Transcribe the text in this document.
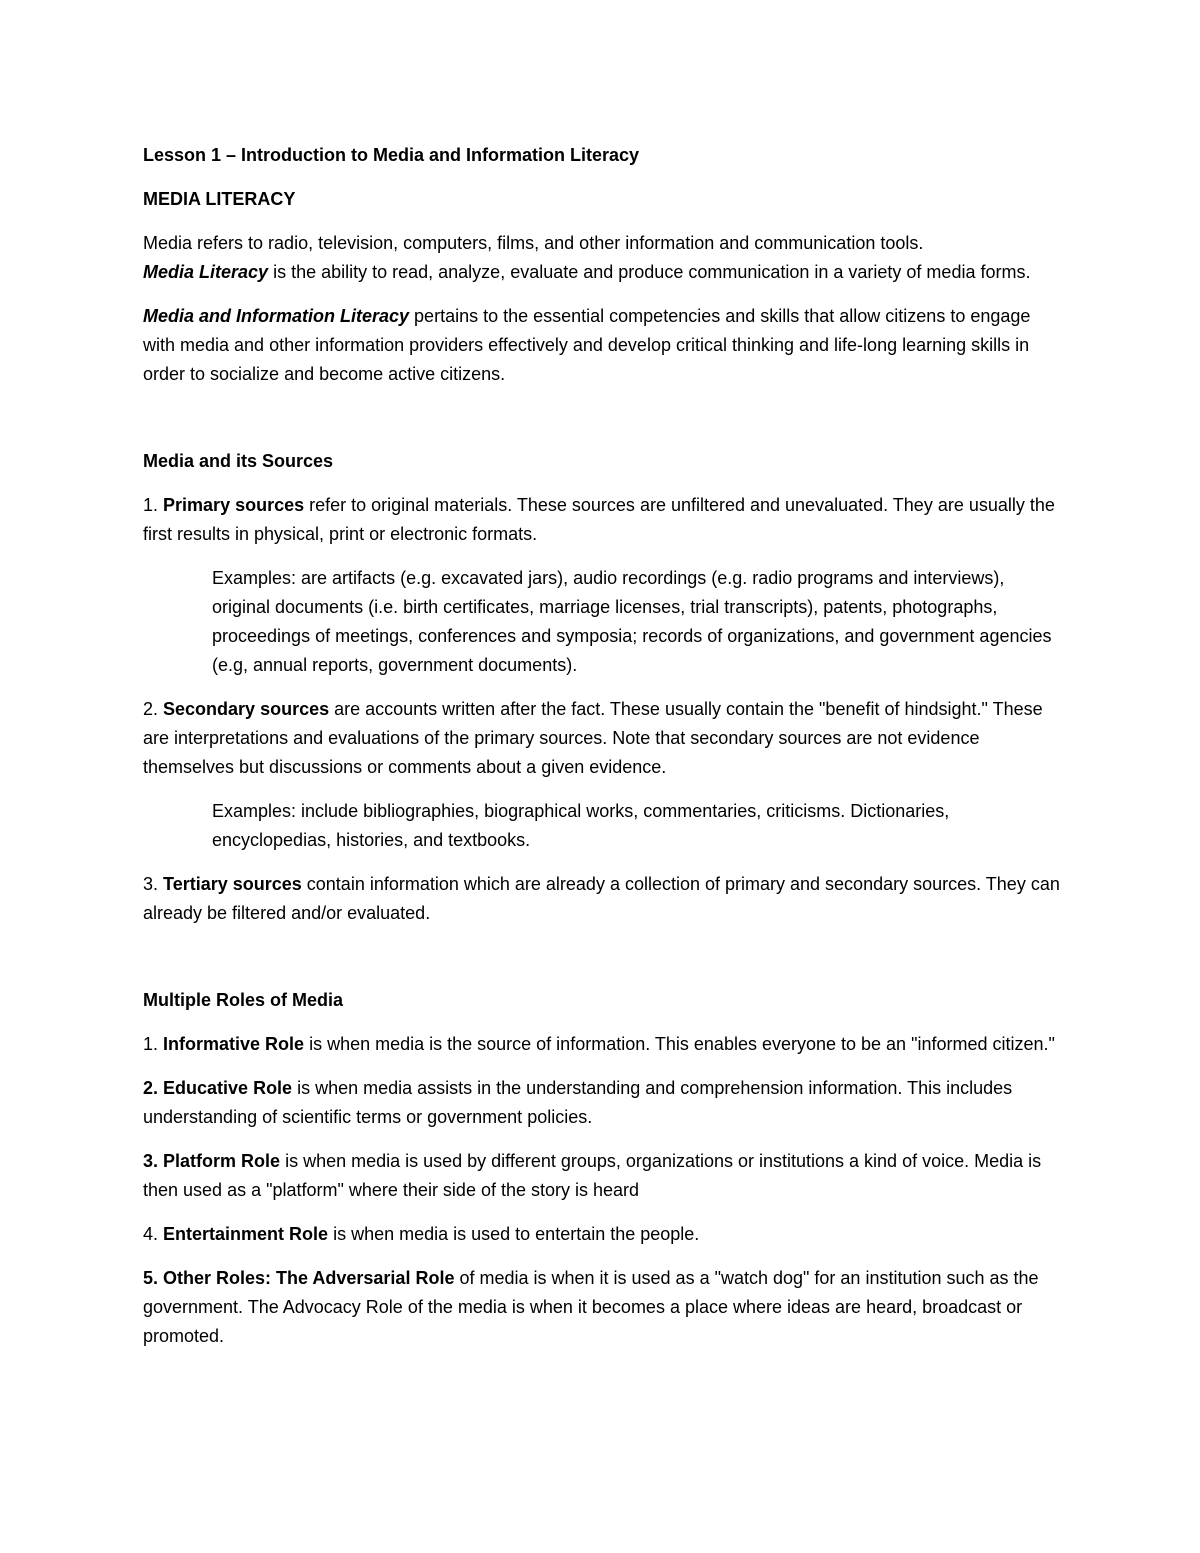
Lesson 1 – Introduction to Media and Information Literacy

MEDIA LITERACY

Media refers to radio, television, computers, films, and other information and communication tools.
Media Literacy is the ability to read, analyze, evaluate and produce communication in a variety of media forms.

Media and Information Literacy pertains to the essential competencies and skills that allow citizens to engage with media and other information providers effectively and develop critical thinking and life-long learning skills in order to socialize and become active citizens.

Media and its Sources

1. Primary sources refer to original materials. These sources are unfiltered and unevaluated. They are usually the first results in physical, print or electronic formats.

Examples: are artifacts (e.g. excavated jars), audio recordings (e.g. radio programs and interviews), original documents (i.e. birth certificates, marriage licenses, trial transcripts), patents, photographs, proceedings of meetings, conferences and symposia; records of organizations, and government agencies (e.g, annual reports, government documents).

2. Secondary sources are accounts written after the fact. These usually contain the "benefit of hindsight." These are interpretations and evaluations of the primary sources. Note that secondary sources are not evidence themselves but discussions or comments about a given evidence.

Examples: include bibliographies, biographical works, commentaries, criticisms. Dictionaries, encyclopedias, histories, and textbooks.

3. Tertiary sources contain information which are already a collection of primary and secondary sources. They can already be filtered and/or evaluated.

Multiple Roles of Media

1. Informative Role is when media is the source of information. This enables everyone to be an "informed citizen."

2. Educative Role is when media assists in the understanding and comprehension information. This includes understanding of scientific terms or government policies.

3. Platform Role is when media is used by different groups, organizations or institutions a kind of voice. Media is then used as a "platform" where their side of the story is heard

4. Entertainment Role is when media is used to entertain the people.

5. Other Roles: The Adversarial Role of media is when it is used as a "watch dog" for an institution such as the government. The Advocacy Role of the media is when it becomes a place where ideas are heard, broadcast or promoted.
